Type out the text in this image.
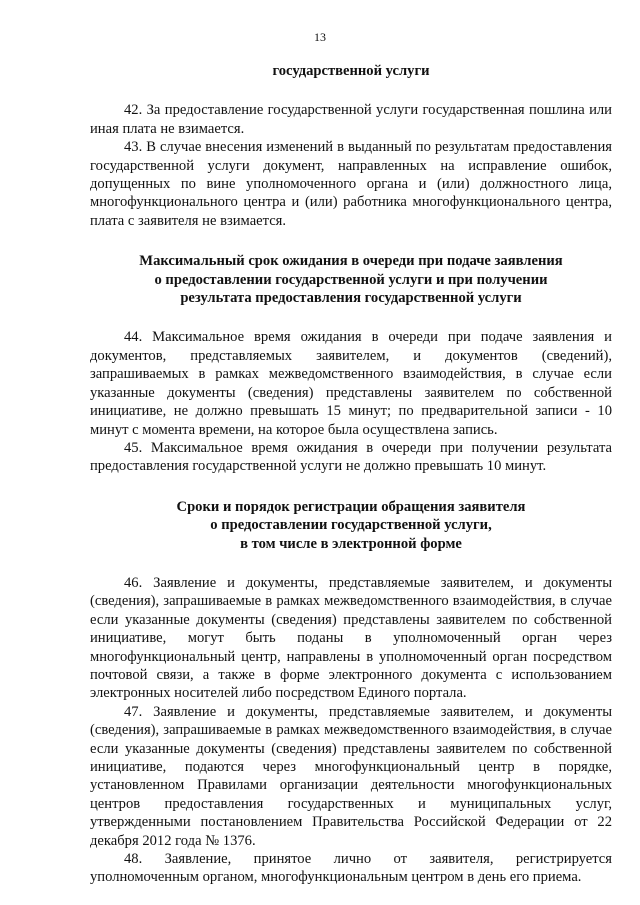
13
государственной услуги

42. За предоставление государственной услуги государственная пошлина или иная плата не взимается.

43. В случае внесения изменений в выданный по результатам предоставления государственной услуги документ, направленных на исправление ошибок, допущенных по вине уполномоченного органа и (или) должностного лица, многофункционального центра и (или) работника многофункционального центра, плата с заявителя не взимается.

Максимальный срок ожидания в очереди при подаче заявления
о предоставлении государственной услуги и при получении
результата предоставления государственной услуги

44. Максимальное время ожидания в очереди при подаче заявления и документов, представляемых заявителем, и документов (сведений), запрашиваемых в рамках межведомственного взаимодействия, в случае если указанные документы (сведения) представлены заявителем по собственной инициативе, не должно превышать 15 минут; по предварительной записи - 10 минут с момента времени, на которое была осуществлена запись.

45. Максимальное время ожидания в очереди при получении результата предоставления государственной услуги не должно превышать 10 минут.

Сроки и порядок регистрации обращения заявителя
о предоставлении государственной услуги,
в том числе в электронной форме

46. Заявление и документы, представляемые заявителем, и документы (сведения), запрашиваемые в рамках межведомственного взаимодействия, в случае если указанные документы (сведения) представлены заявителем по собственной инициативе, могут быть поданы в уполномоченный орган через многофункциональный центр, направлены в уполномоченный орган посредством почтовой связи, а также в форме электронного документа с использованием электронных носителей либо посредством Единого портала.

47. Заявление и документы, представляемые заявителем, и документы (сведения), запрашиваемые в рамках межведомственного взаимодействия, в случае если указанные документы (сведения) представлены заявителем по собственной инициативе, подаются через многофункциональный центр в порядке, установленном Правилами организации деятельности многофункциональных центров предоставления государственных и муниципальных услуг, утвержденными постановлением Правительства Российской Федерации от 22 декабря 2012 года № 1376.

48. Заявление, принятое лично от заявителя, регистрируется уполномоченным органом, многофункциональным центром в день его приема.
